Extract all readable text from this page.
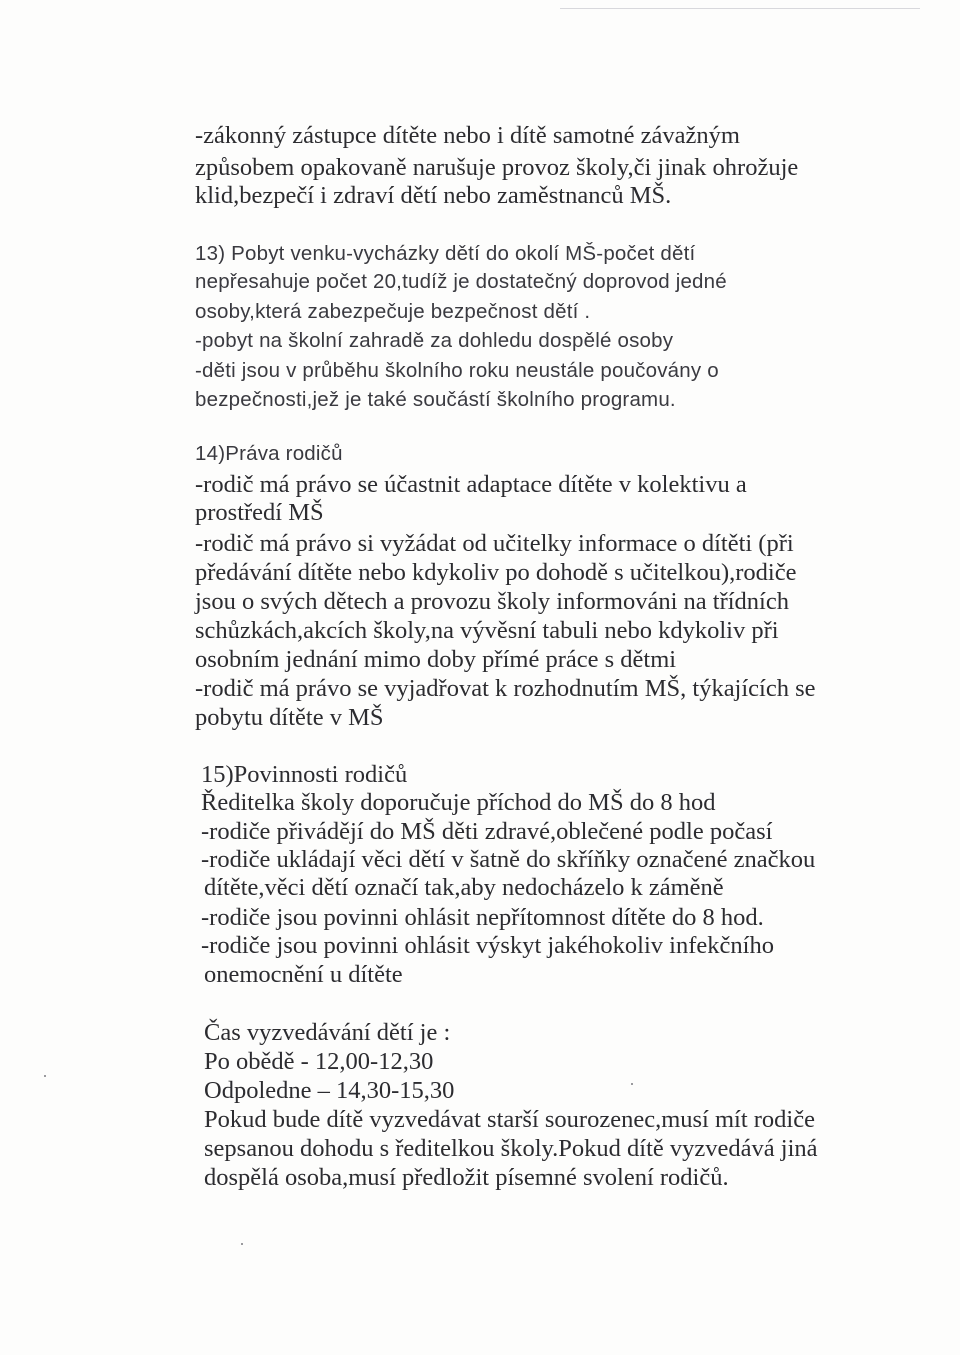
-zákonný zástupce dítěte nebo i dítě samotné závažným

způsobem opakovaně narušuje provoz školy,či jinak ohrožuje

klid,bezpečí i zdraví dětí nebo zaměstnanců MŠ.

13) Pobyt venku-vycházky dětí do okolí MŠ-počet dětí

nepřesahuje počet 20,tudíž je dostatečný doprovod jedné

osoby,která zabezpečuje bezpečnost dětí .

-pobyt na školní zahradě za dohledu dospělé osoby

-děti jsou v průběhu školního roku neustále poučovány o

bezpečnosti,jež je také součástí školního programu.

14)Práva rodičů

-rodič má právo se účastnit adaptace dítěte v kolektivu a

prostředí MŠ

-rodič má právo si vyžádat od učitelky informace o dítěti (při

předávání dítěte nebo kdykoliv po dohodě s učitelkou),rodiče

jsou o svých dětech a provozu školy informováni na třídních

schůzkách,akcích školy,na vývěsní tabuli nebo kdykoliv při

osobním jednání mimo doby přímé práce s dětmi

-rodič má právo se vyjadřovat k rozhodnutím MŠ, týkajících se

pobytu dítěte v MŠ

15)Povinnosti rodičů

Ředitelka školy doporučuje příchod do MŠ do 8 hod

-rodiče přivádějí do MŠ děti zdravé,oblečené podle počasí

-rodiče ukládají věci dětí v šatně do skříňky označené značkou

dítěte,věci dětí označí tak,aby nedocházelo k záměně

-rodiče jsou povinni ohlásit nepřítomnost dítěte do 8 hod.

-rodiče jsou povinni ohlásit výskyt jakéhokoliv infekčního

onemocnění u dítěte

Čas vyzvedávání dětí je :

Po obědě - 12,00-12,30

Odpoledne – 14,30-15,30

Pokud bude dítě vyzvedávat starší sourozenec,musí mít rodiče

sepsanou dohodu s ředitelkou školy.Pokud dítě vyzvedává jiná

dospělá osoba,musí předložit písemné svolení rodičů.
